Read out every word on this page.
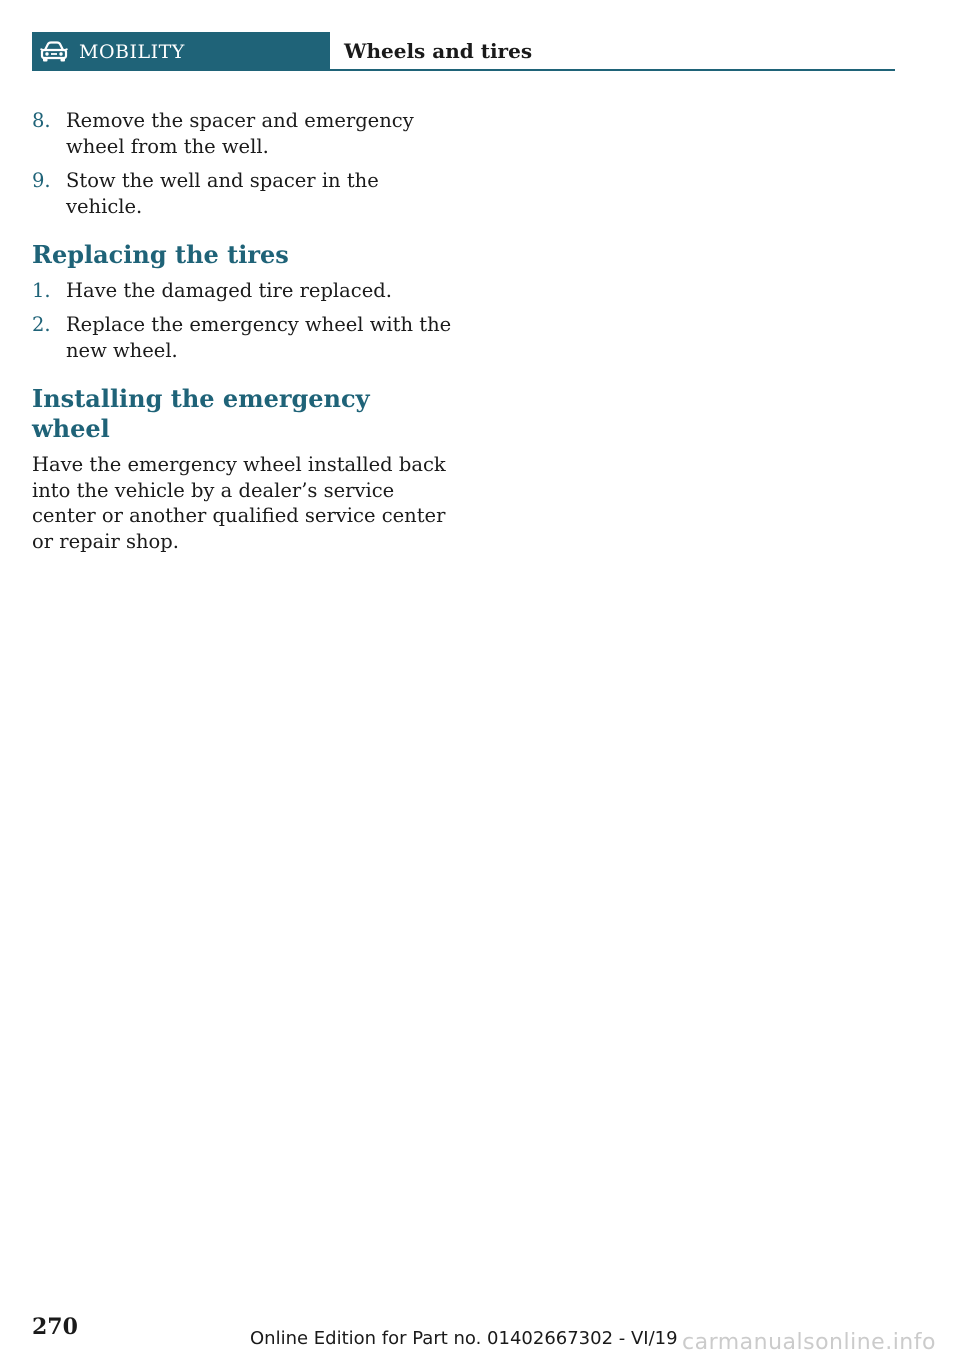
MOBILITY	Wheels and tires
8. Remove the spacer and emergency wheel from the well.
9. Stow the well and spacer in the vehicle.
Replacing the tires
1. Have the damaged tire replaced.
2. Replace the emergency wheel with the new wheel.
Installing the emergency wheel

Have the emergency wheel installed back into the vehicle by a dealer’s service center or another qualified service center or repair shop.

270	Online Edition for Part no. 01402667302 - VI/19 carmanualsonline.info
